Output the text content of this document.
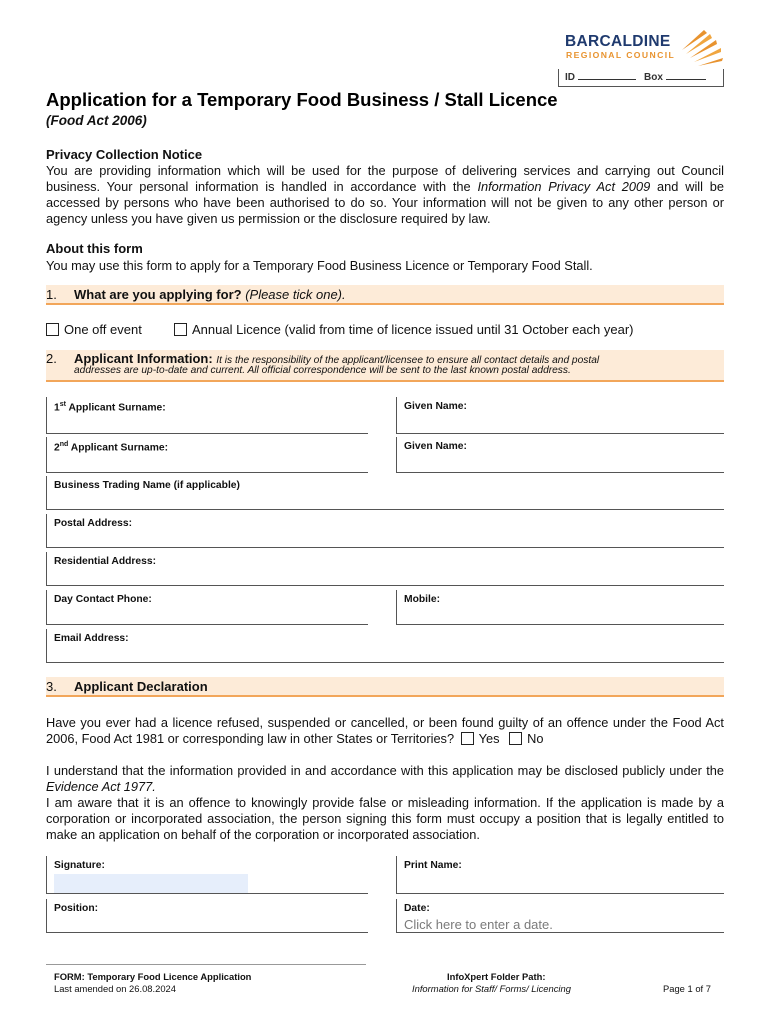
BARCALDINE
REGIONAL COUNCIL
ID	Box
Application for a Temporary Food Business / Stall Licence
(Food Act 2006)
Privacy Collection Notice
You are providing information which will be used for the purpose of delivering services and carrying out Council business. Your personal information is handled in accordance with the Information Privacy Act 2009 and will be accessed by persons who have been authorised to do so. Your information will not be given to any other person or agency unless you have given us permission or the disclosure required by law.
About this form
You may use this form to apply for a Temporary Food Business Licence or Temporary Food Stall.
1. What are you applying for? (Please tick one).
One off event	Annual Licence (valid from time of licence issued until 31 October each year)
2. Applicant Information: It is the responsibility of the applicant/licensee to ensure all contact details and postal
addresses are up-to-date and current. All official correspondence will be sent to the last known postal address.
1st Applicant Surname:	Given Name:
2nd Applicant Surname:	Given Name:
Business Trading Name (if applicable)
Postal Address:
Residential Address:
Day Contact Phone:	Mobile:
Email Address:
3. Applicant Declaration
Have you ever had a licence refused, suspended or cancelled, or been found guilty of an offence under the Food Act 2006, Food Act 1981 or corresponding law in other States or Territories? Yes No
I understand that the information provided in and accordance with this application may be disclosed publicly under the Evidence Act 1977.
I am aware that it is an offence to knowingly provide false or misleading information. If the application is made by a corporation or incorporated association, the person signing this form must occupy a position that is legally entitled to make an application on behalf of the corporation or incorporated association.
Signature:	Print Name:
Position:	Date:
Click here to enter a date.
FORM: Temporary Food Licence Application
Last amended on 26.08.2024
InfoXpert Folder Path:
Information for Staff/ Forms/ Licencing	Page 1 of 7
